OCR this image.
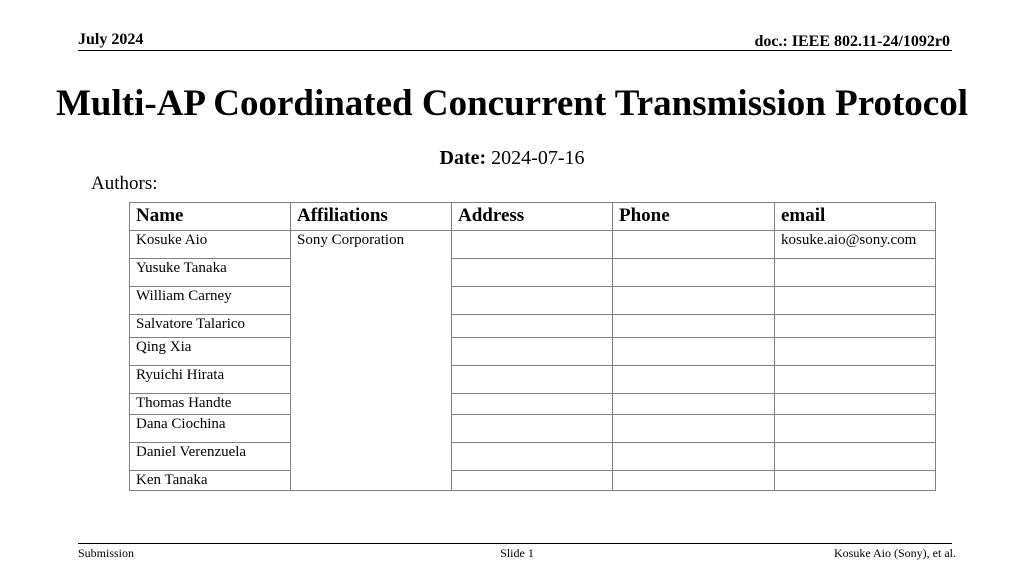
July 2024	doc.: IEEE 802.11-24/1092r0
Multi-AP Coordinated Concurrent Transmission Protocol
Date: 2024-07-16
Authors:
Name	Affiliations	Address	Phone	email
Kosuke Aio	Sony Corporation			kosuke.aio@sony.com
Yusuke Tanaka				
William Carney				
Salvatore Talarico				
Qing Xia				
Ryuichi Hirata				
Thomas Handte				
Dana Ciochina				
Daniel Verenzuela				
Ken Tanaka				
Submission	Slide 1	Kosuke Aio (Sony), et al.
